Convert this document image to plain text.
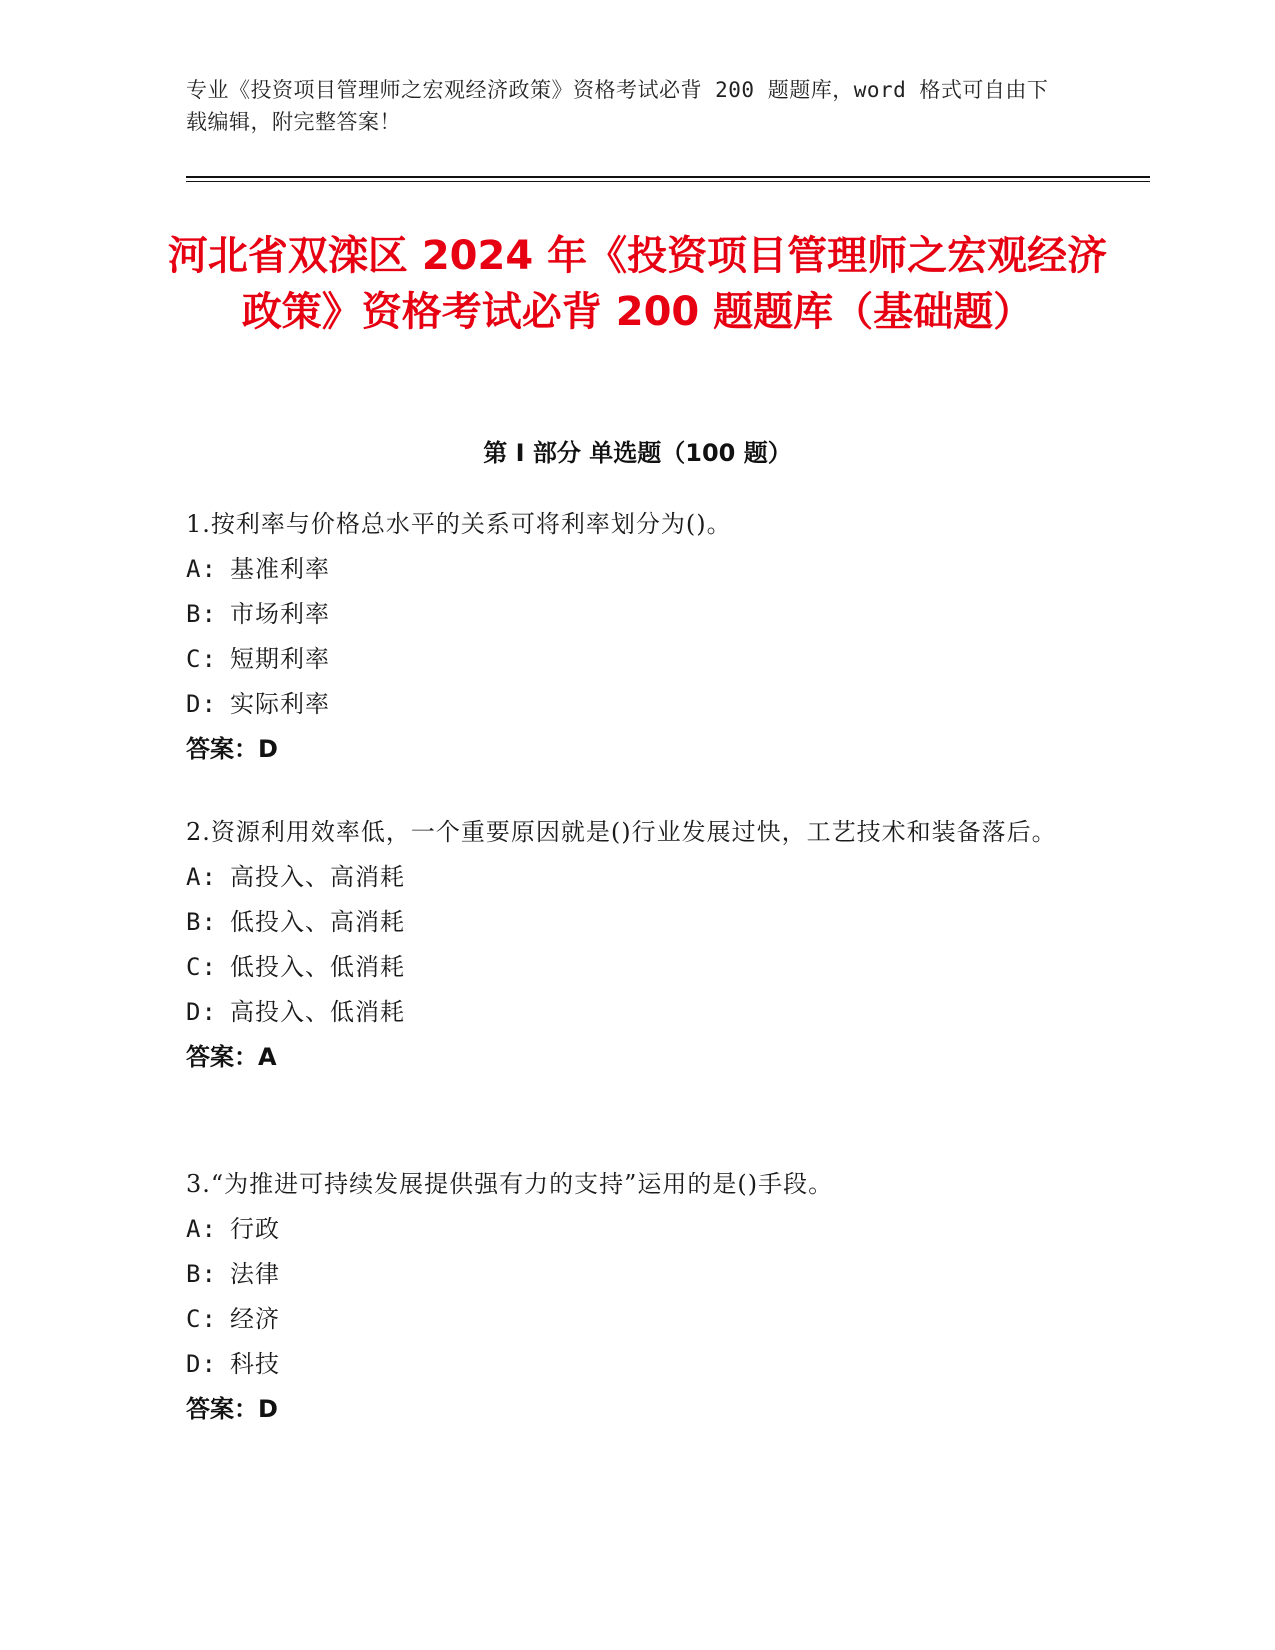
专业《投资项目管理师之宏观经济政策》资格考试必背 200 题题库，word 格式可自由下载编辑，附完整答案！
河北省双滦区 2024 年《投资项目管理师之宏观经济政策》资格考试必背 200 题题库（基础题）
第 I 部分 单选题（100 题）
1.按利率与价格总水平的关系可将利率划分为()。
A: 基准利率
B: 市场利率
C: 短期利率
D: 实际利率
答案：D
2.资源利用效率低，一个重要原因就是()行业发展过快，工艺技术和装备落后。
A: 高投入、高消耗
B: 低投入、高消耗
C: 低投入、低消耗
D: 高投入、低消耗
答案：A
3.“为推进可持续发展提供强有力的支持”运用的是()手段。
A: 行政
B: 法律
C: 经济
D: 科技
答案：D
